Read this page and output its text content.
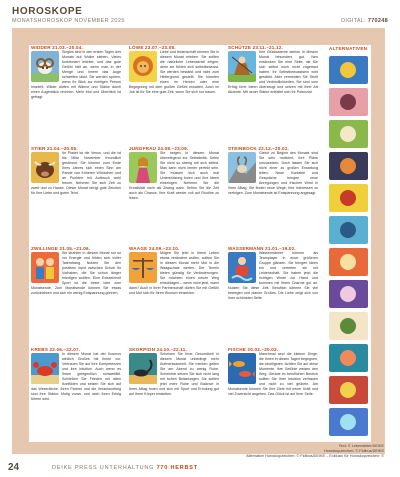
HOROSKOPE
MONATSHOROSKOP NOVEMBER 2025	DIGITAL: 770248
WIDDER 21.03.–20.04.
Singles sind in den ersten Tagen des Monats auf Wolke sieben. Vieles funktioniert leichter, und das gute Gefühl hält an, wenn man in der Menge und Innere das Auge schweifen lässt. Sie werden spüren, wenn Ihr Blick zur richtigen Person hinzieht. Wilder dürfen mit Wärme und Stärke durch einen Augenblick rechnen. Mehr Mut und Überblick ist gefragt.
STIER 21.04.–20.05.
Ihr Planet ist die Venus, und die ist bis Mitte November freundlich gestimmt. Sie können zum Ende Ihres Jahres sich einen Sinn am Rande von früheren Wünschen und an Punkten mit Aufbruch wohl freuen. Nehmen Sie sich Zeit zu zweit und zu Hause. Dieser Monat bringt gute Zeichen für Ihre Liebe und guten Teint.
ZWILLINGE 21.05.–21.06.
Sie strahlen in diesem Monat nur so vor Energie und fühlen sich voller Tatendrang. Nutzen Sie den positiven Input zwischen Schub für Vorhaben, die Sie schon länger erledigen wollten. Eine Extraeinheit Sport ist die beste Idee zum Monatsende. Zum Monatsende können Sie etwas zurückfahren und sich ein wenig Entspannung gönnen.
KREBS 22.06.–22.07.
In diesem Monat hat der Kosmos wirklich Großes mit Ihnen vor. Vertrauen Sie auf Ihre Kompetenzen und Ihre Intuition. Auch wenn es Ihnen gelegentlich schwerfällt. Schließen Sie Frieden mit alten Konflikten und setzen Sie sich auf das Wesentliche. Ihren Partner und die Verantwortung sind Ihre Stärke. Mutig voran, und nach Ihren Erfolg führen wird.
LÖWE 23.07.–23.08.
Liebe und leidenschaft können Sie in diesem Monat erleben. Sie sollten die natürliche Lebenskraft zeigen, denn sie fühlen sich selbstbewusst. Sie werden bestärkt und nicht zum Hintergrund gestellt. Sie könnten einen im Herzen oder eine Begegnung mit dem großen Gefühl erwarten. Auch im Job ist für Sie eine gute Zeit, wenn Sie sich nur trauen.
JUNGFRAU 24.08.–23.09.
Sie neigen in diesem Monat überwiegend zur Selbstkritik. Seien Sie nicht so streng mit sich selbst. Man kann nicht immer perfekt sein. Sie müssen sich auch mal Unterstützung holen und Ihre Ideen einbringen. Nehmen Sie die Kreativität nicht als Zwang wahr. Sehen Sie die Zeit auch als Chance, Ihre Kraft wieder voll auf Routine zu leben.
WAAGE 24.09.–23.10.
Mögen Sie jetzt in Ihrem Leben etwas verändern wollen, sollten Sie in diesem Monat mehr Mut in die Waagschale werfen. Der Termin bieten günstig für Veränderungen. Sie möchten einen neuen Weg einschlagen – wenn nicht jetzt, wann dann? Auch in Ihrer Partnerschaft dürfen Sie mit Gefühl und Mut sich für Ihren Wunsch einsetzen.
SKORPION 24.10.–22.11.
Scheinen Sie Ihrer Gesundheit in diesem Monat unbedingt mehr Aufmerksamkeit. Sie merken gelten Sie am Abend zu wenig Ruhe. Scheinbar setzen Sie sich nicht lang mit hohen Belastungen. Sie sollten jetzt mehr Ruhe und Balance in Ihren Alltag holen und sich mit Sport und Erholung gut auf Ihren Körper einstellen.
SCHÜTZE 23.11.–21.12.
Ihre Glückssterne stehen in diesem Monat besonders gut. Neu entdecken Sie eine Seite, die Sie sich selbst noch nicht zugetraut haben. Ihr Selbstbewusstsein wird gestärkt. Aber vermeiden Sie Streit und Verbindlichkeiten. Sie sind vom Erfolg Ihrer Ideen überzeugt und setzen mit Ihrer Art Akzente. Mit neuer Stärke entfaltet sich Ihr Potenzial.
STEINBOCK 22.12.–20.01.
Gleich zu Beginn des Monats sind Sie sehr motiviert, Ihre Pläne umzusetzen. Doch lassen Sie sich nicht einer zu großen Erwartung leiten. Neue Kontakte und Gespräche bringen neue Anregungen und frischen Wind in Ihren Alltag. Sie finden neue Wege, Ihre Interessen zu verfolgen. Zum Monatsende ist Entspannung angesagt.
WASSERMANN 21.01.–19.02.
Wassermänner können als Teamplayer in einer größeren Gruppe glänzen. Sie bringen Ideen ein und vertreten sie mit Leidenschaft. Sie haben jetzt die richtigen Worte zur Hand und kommen mit Ihrem Charme gut an. Nutzen Sie diese Zeit. Beruflich können Sie viel bewegen und planen Großes. Die Liebe zeigt sich von ihrer schönsten Seite.
FISCHE 20.02.–20.03.
Manchmal sind die kleinen Dinge, die Ihnen in diesen Tagen begegnen, die wichtigsten. Achten Sie auf diese Momente. Ihre Gefühle weisen den Weg. Gerade im beruflichen Bereich sollten Sie Ihrer Intuition vertrauen und nicht zu viel grübeln. Am Monatsende können Sie Ihre Ziele mit neuer Kraft und viel Zuversicht angehen. Das Glück ist auf Ihrer Seite.
ALTERNATIVEN
Text: © Lebensfeier/DEIKE
Horoskopzeichen: © Fidibus/DEIKE
Alternative Horoskopzeichen: © Fidibus/DEIKE – Exklusiv für Horoskopzeichen: ©
24	DEIKE PRESS UNTERHALTUNG 770 HERBST
